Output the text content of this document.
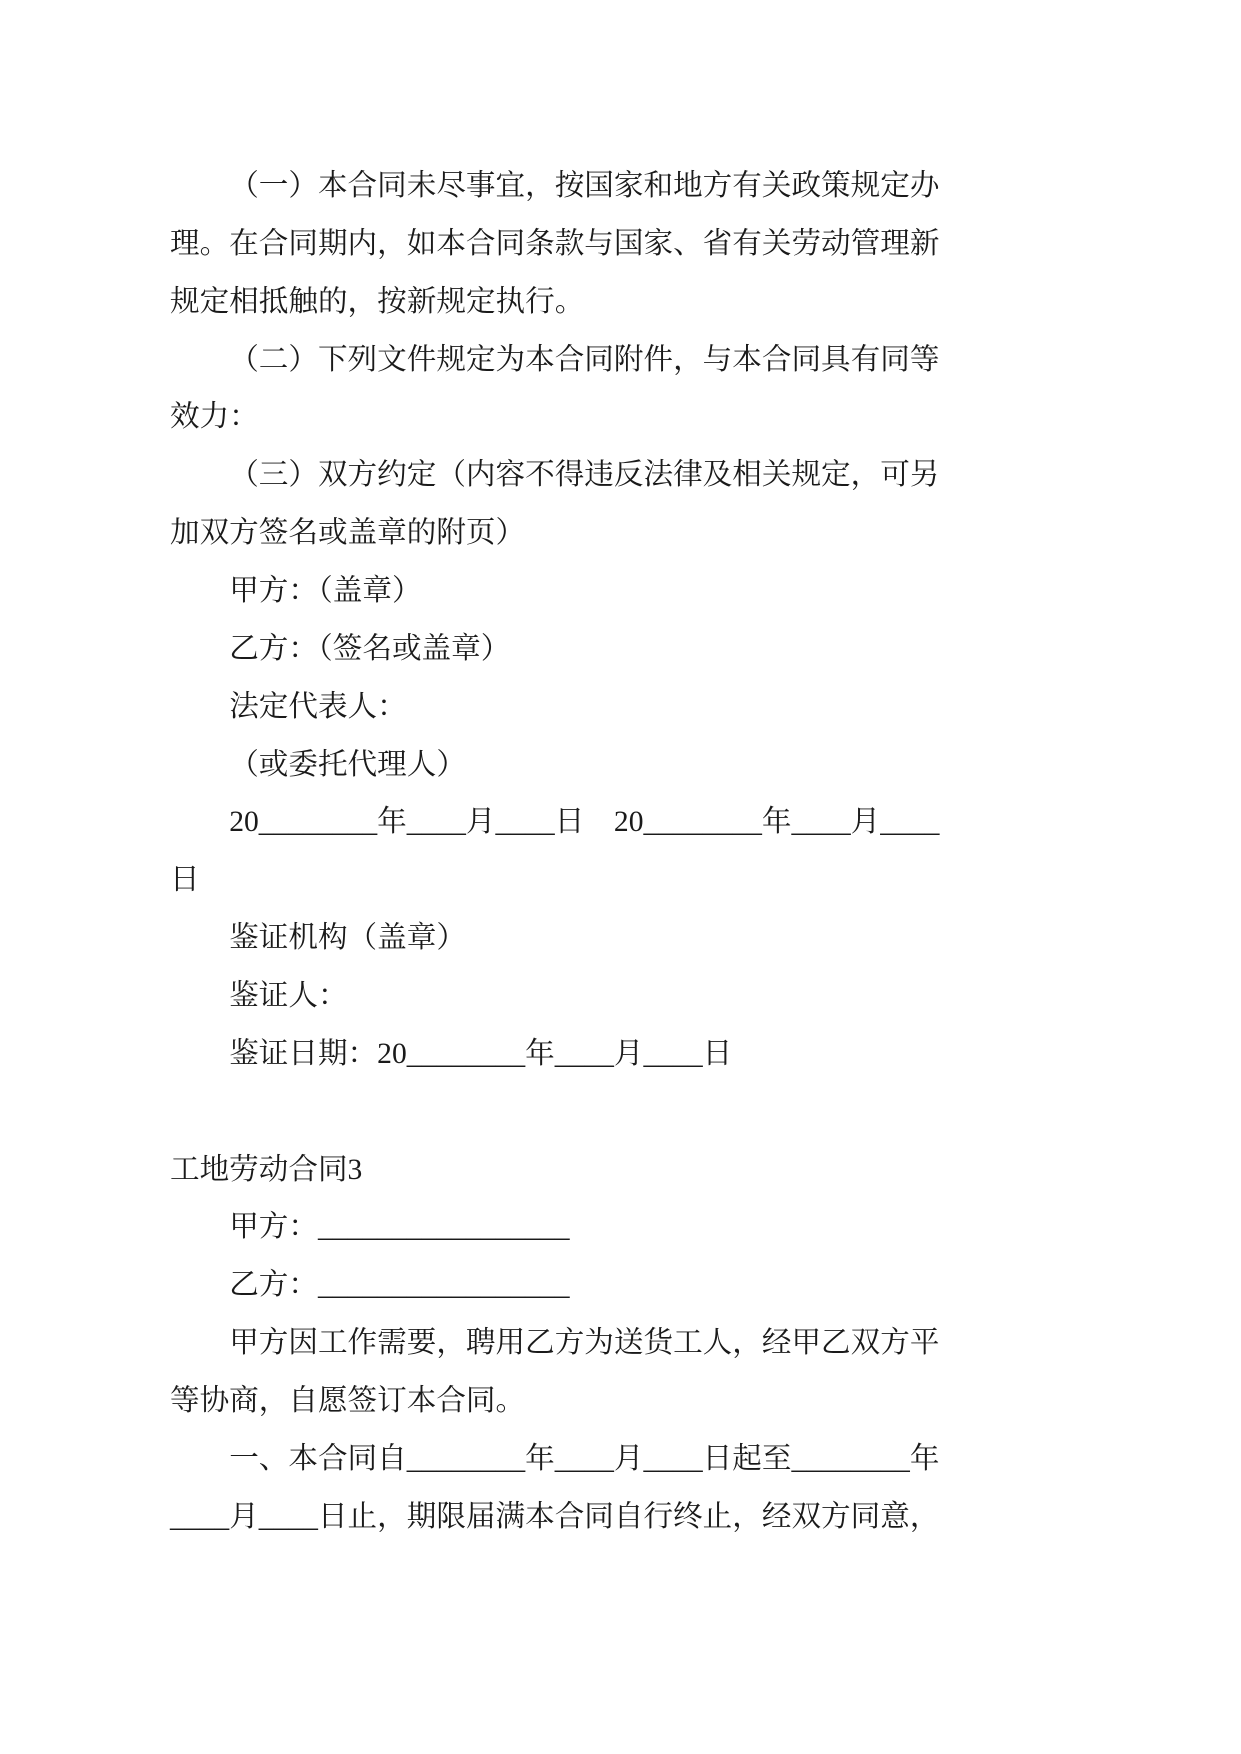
（一）本合同未尽事宜，按国家和地方有关政策规定办
理。在合同期内，如本合同条款与国家、省有关劳动管理新
规定相抵触的，按新规定执行。
（二）下列文件规定为本合同附件，与本合同具有同等
效力：
（三）双方约定（内容不得违反法律及相关规定，可另
加双方签名或盖章的附页）
甲方：（盖章）
乙方：（签名或盖章）
法定代表人：
（或委托代理人）
20________年____月____日　20________年____月____
日
鉴证机构（盖章）
鉴证人：
鉴证日期：20________年____月____日
工地劳动合同3
甲方：_________________
乙方：_________________
甲方因工作需要，聘用乙方为送货工人，经甲乙双方平
等协商，自愿签订本合同。
一、本合同自________年____月____日起至________年
____月____日止，期限届满本合同自行终止，经双方同意，
